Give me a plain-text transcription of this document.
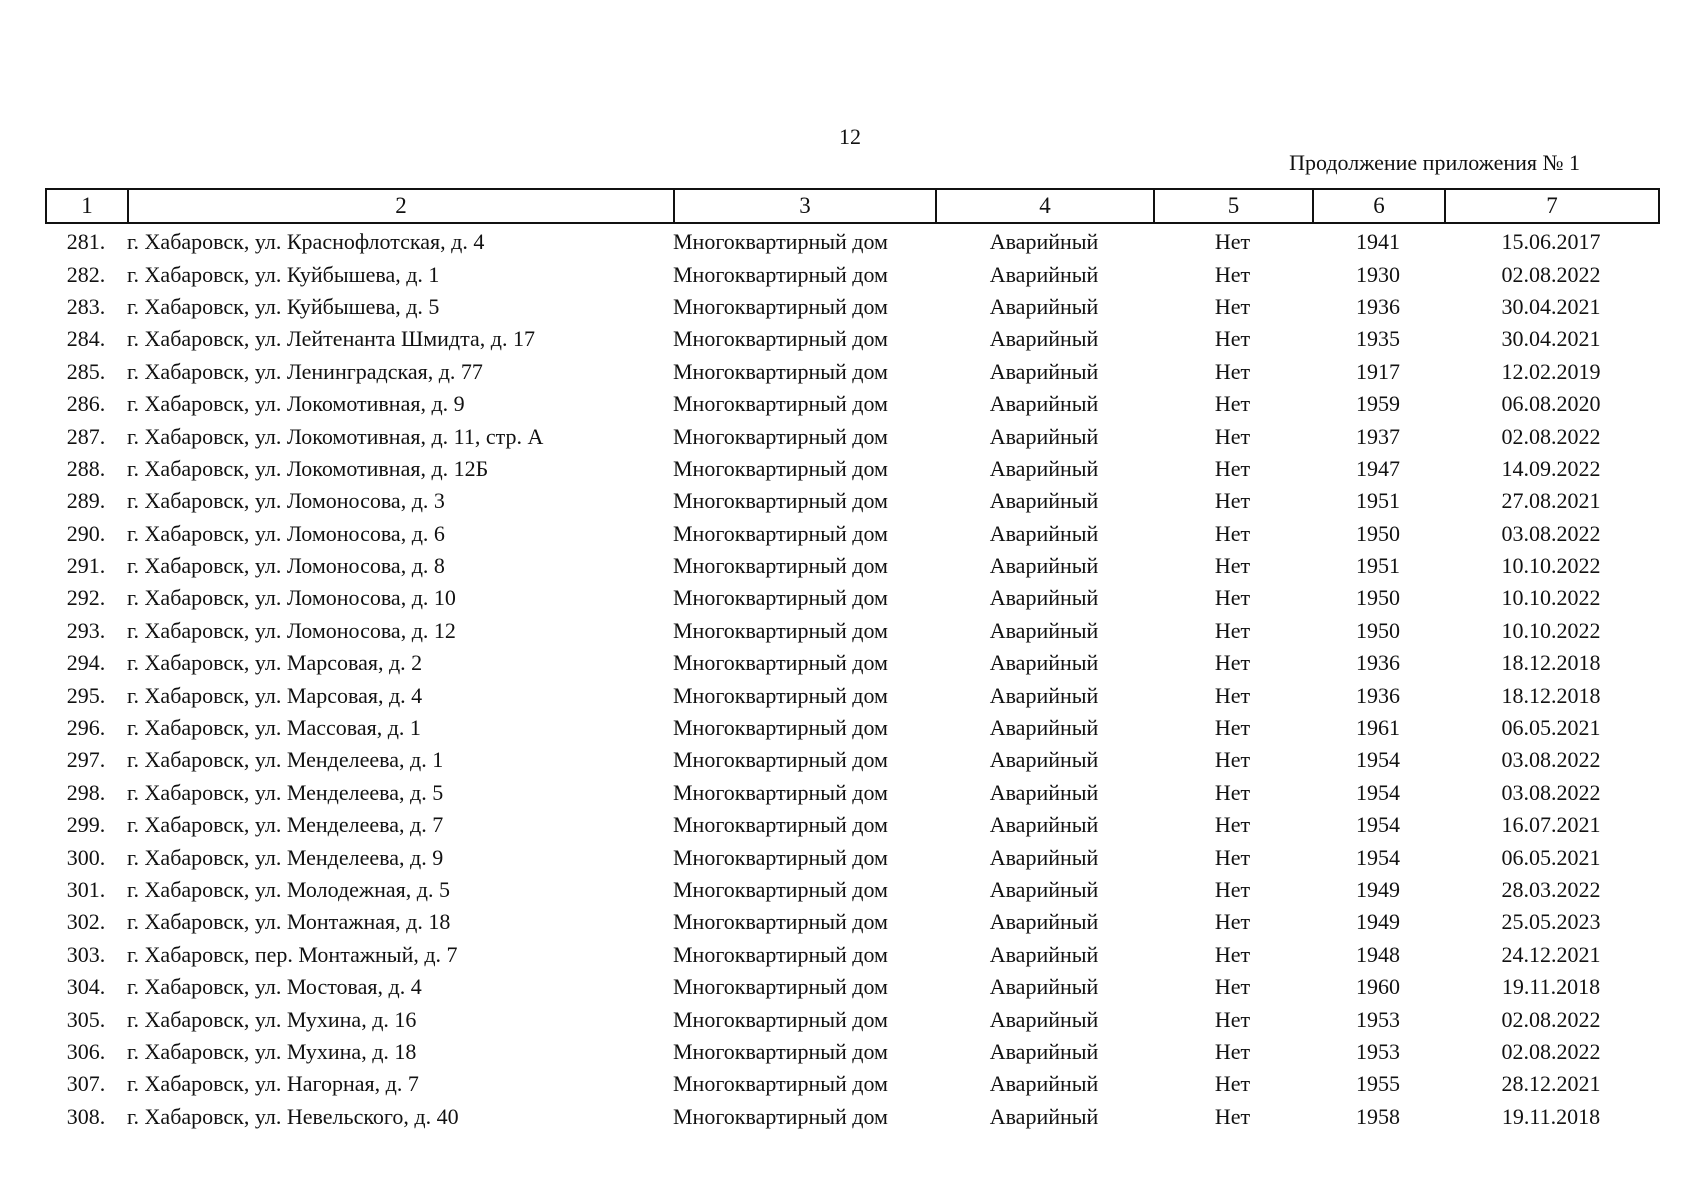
12
Продолжение приложения № 1
1	2	3	4	5	6	7
281.	г. Хабаровск, ул. Краснофлотская, д. 4	Многоквартирный дом	Аварийный	Нет	1941	15.06.2017
282.	г. Хабаровск, ул. Куйбышева, д. 1	Многоквартирный дом	Аварийный	Нет	1930	02.08.2022
283.	г. Хабаровск, ул. Куйбышева, д. 5	Многоквартирный дом	Аварийный	Нет	1936	30.04.2021
284.	г. Хабаровск, ул. Лейтенанта Шмидта, д. 17	Многоквартирный дом	Аварийный	Нет	1935	30.04.2021
285.	г. Хабаровск, ул. Ленинградская, д. 77	Многоквартирный дом	Аварийный	Нет	1917	12.02.2019
286.	г. Хабаровск, ул. Локомотивная, д. 9	Многоквартирный дом	Аварийный	Нет	1959	06.08.2020
287.	г. Хабаровск, ул. Локомотивная, д. 11, стр. А	Многоквартирный дом	Аварийный	Нет	1937	02.08.2022
288.	г. Хабаровск, ул. Локомотивная, д. 12Б	Многоквартирный дом	Аварийный	Нет	1947	14.09.2022
289.	г. Хабаровск, ул. Ломоносова, д. 3	Многоквартирный дом	Аварийный	Нет	1951	27.08.2021
290.	г. Хабаровск, ул. Ломоносова, д. 6	Многоквартирный дом	Аварийный	Нет	1950	03.08.2022
291.	г. Хабаровск, ул. Ломоносова, д. 8	Многоквартирный дом	Аварийный	Нет	1951	10.10.2022
292.	г. Хабаровск, ул. Ломоносова, д. 10	Многоквартирный дом	Аварийный	Нет	1950	10.10.2022
293.	г. Хабаровск, ул. Ломоносова, д. 12	Многоквартирный дом	Аварийный	Нет	1950	10.10.2022
294.	г. Хабаровск, ул. Марсовая, д. 2	Многоквартирный дом	Аварийный	Нет	1936	18.12.2018
295.	г. Хабаровск, ул. Марсовая, д. 4	Многоквартирный дом	Аварийный	Нет	1936	18.12.2018
296.	г. Хабаровск, ул. Массовая, д. 1	Многоквартирный дом	Аварийный	Нет	1961	06.05.2021
297.	г. Хабаровск, ул. Менделеева, д. 1	Многоквартирный дом	Аварийный	Нет	1954	03.08.2022
298.	г. Хабаровск, ул. Менделеева, д. 5	Многоквартирный дом	Аварийный	Нет	1954	03.08.2022
299.	г. Хабаровск, ул. Менделеева, д. 7	Многоквартирный дом	Аварийный	Нет	1954	16.07.2021
300.	г. Хабаровск, ул. Менделеева, д. 9	Многоквартирный дом	Аварийный	Нет	1954	06.05.2021
301.	г. Хабаровск, ул. Молодежная, д. 5	Многоквартирный дом	Аварийный	Нет	1949	28.03.2022
302.	г. Хабаровск, ул. Монтажная, д. 18	Многоквартирный дом	Аварийный	Нет	1949	25.05.2023
303.	г. Хабаровск, пер. Монтажный, д. 7	Многоквартирный дом	Аварийный	Нет	1948	24.12.2021
304.	г. Хабаровск, ул. Мостовая, д. 4	Многоквартирный дом	Аварийный	Нет	1960	19.11.2018
305.	г. Хабаровск, ул. Мухина, д. 16	Многоквартирный дом	Аварийный	Нет	1953	02.08.2022
306.	г. Хабаровск, ул. Мухина, д. 18	Многоквартирный дом	Аварийный	Нет	1953	02.08.2022
307.	г. Хабаровск, ул. Нагорная, д. 7	Многоквартирный дом	Аварийный	Нет	1955	28.12.2021
308.	г. Хабаровск, ул. Невельского, д. 40	Многоквартирный дом	Аварийный	Нет	1958	19.11.2018
